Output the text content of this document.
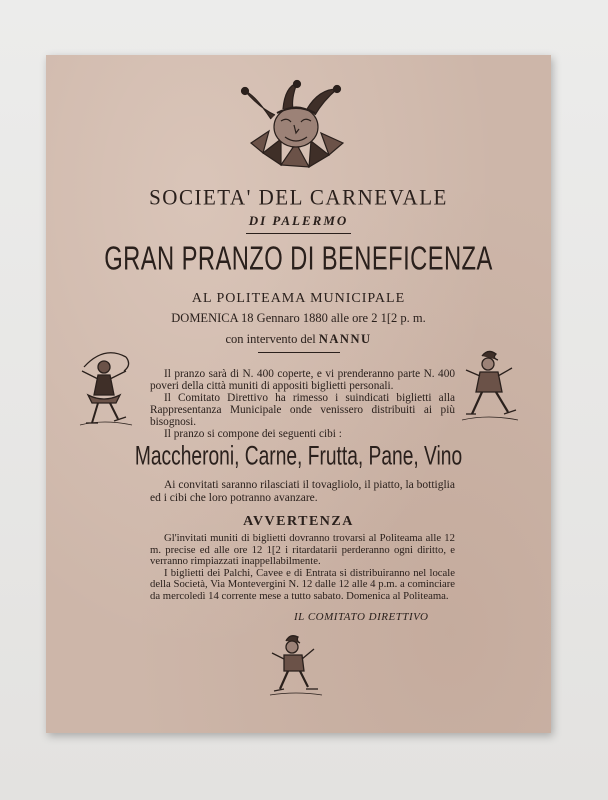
SOCIETA' DEL CARNEVALE
DI PALERMO
GRAN PRANZO DI BENEFICENZA
AL POLITEAMA MUNICIPALE
DOMENICA 18 Gennaro 1880 alle ore 2 1[2 p. m.
con intervento del NANNU

Il pranzo sarà di N. 400 coperte, e vi prenderanno parte N. 400 poveri della città muniti di appositi biglietti personali.

Il Comitato Direttivo ha rimesso i suindicati biglietti alla Rappresentanza Municipale onde venissero distribuiti ai più bisognosi.

Il pranzo si compone dei seguenti cibi :

Maccheroni, Carne, Frutta, Pane, Vino

Ai convitati saranno rilasciati il tovagliolo, il piatto, la bottiglia ed i cibi che loro potranno avanzare.

AVVERTENZA

Gl'invitati muniti di biglietti dovranno trovarsi al Politeama alle 12 m. precise ed alle ore 12 1[2 i ritardatarii perderanno ogni diritto, e verranno rimpiazzati inappellabilmente.

I biglietti dei Palchi, Cavee e di Entrata si distribuiranno nel locale della Società, Via Montevergini N. 12 dalle 12 alle 4 p.m. a cominciare da mercoledì 14 corrente mese a tutto sabato. Domenica al Politeama.

IL COMITATO DIRETTIVO
